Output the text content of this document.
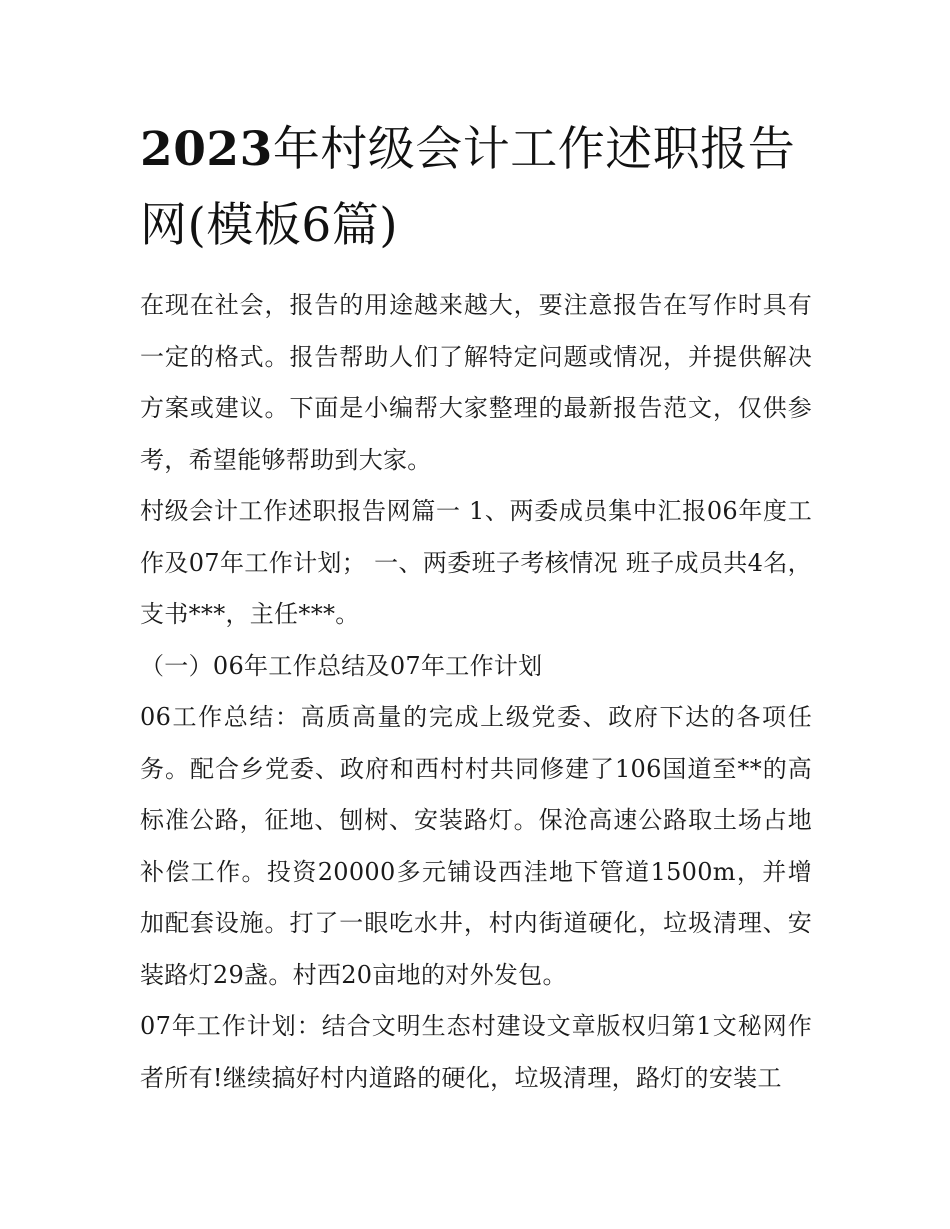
2023年村级会计工作述职报告网(模板6篇)

在现在社会，报告的用途越来越大，要注意报告在写作时具有一定的格式。报告帮助人们了解特定问题或情况，并提供解决方案或建议。下面是小编帮大家整理的最新报告范文，仅供参考，希望能够帮助到大家。

村级会计工作述职报告网篇一 1、两委成员集中汇报06年度工作及07年工作计划； 一、两委班子考核情况 班子成员共4名，支书***，主任***。

（一）06年工作总结及07年工作计划

06工作总结：高质高量的完成上级党委、政府下达的各项任务。配合乡党委、政府和西村村共同修建了106国道至**的高标准公路，征地、刨树、安装路灯。保沧高速公路取土场占地补偿工作。投资20000多元铺设西洼地下管道1500m，并增加配套设施。打了一眼吃水井，村内街道硬化，垃圾清理、安装路灯29盏。村西20亩地的对外发包。

07年工作计划：结合文明生态村建设文章版权归第1文秘网作者所有!继续搞好村内道路的硬化，垃圾清理，路灯的安装工
